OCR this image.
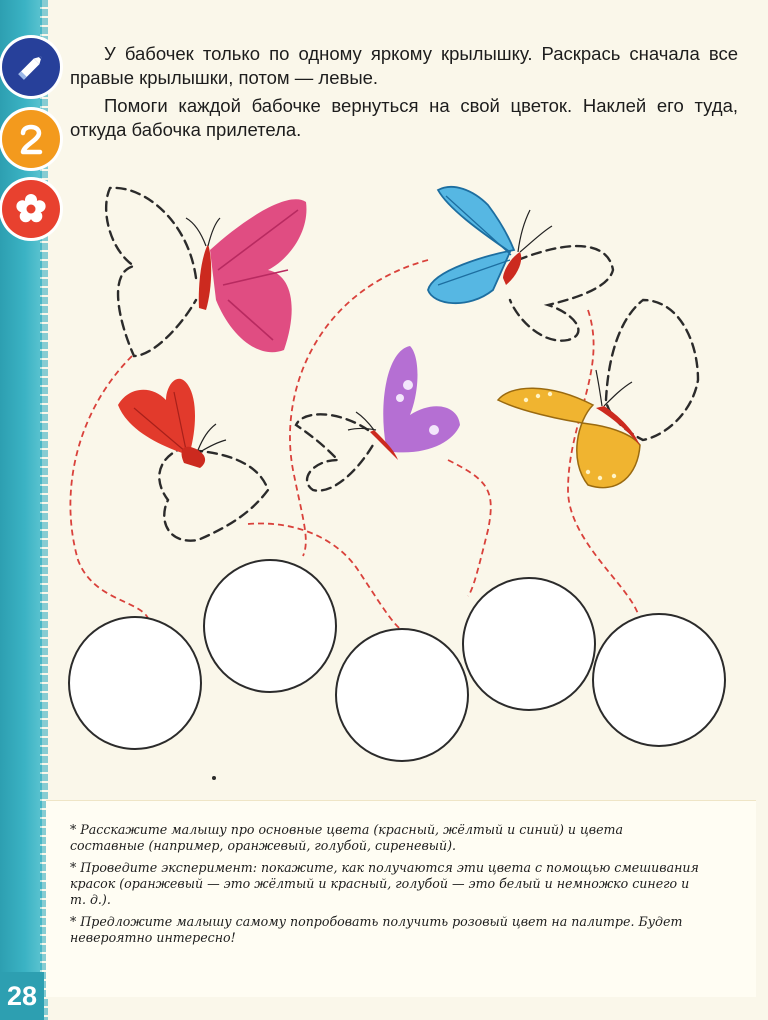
У бабочек только по одному яркому крылышку. Раскрась сначала все правые крылышки, потом — левые.

Помоги каждой бабочке вернуться на свой цветок. Наклей его туда, откуда бабочка прилетела.

* Расскажите малышу про основные цвета (красный, жёлтый и синий) и цвета составные (например, оранжевый, голубой, сиреневый).

* Проведите эксперимент: покажите, как получаются эти цвета с помощью смешивания красок (оранжевый — это жёлтый и красный, голубой — это белый и немножко синего и т. д.).

* Предложите малышу самому попробовать получить розовый цвет на палитре. Будет невероятно интересно!

28
